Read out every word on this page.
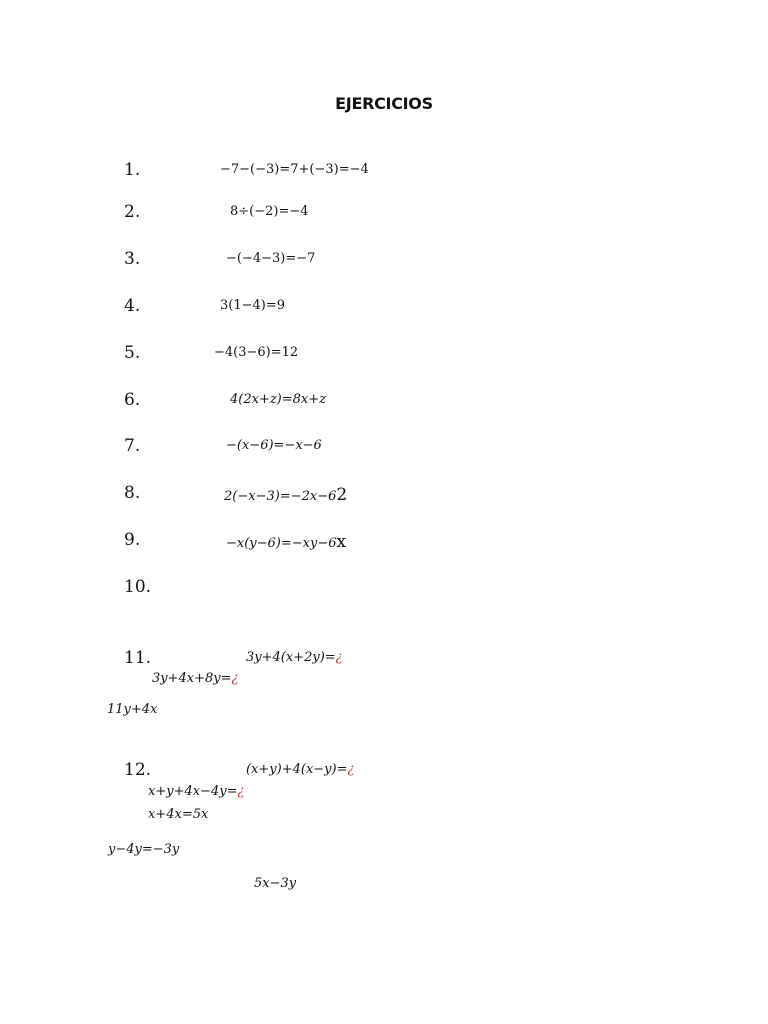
EJERCICIOS
1.	−7−(−3)=7+(−3)=−4
2.	8÷(−2)=−4
3.	−(−4−3)=−7
4.	3(1−4)=9
5.	−4(3−6)=12
6.	4(2x+z)=8x+z
7.	−(x−6)=−x−6
8.	2(−x−3)=−2x−62
9.	−x(y−6)=−xy−6x
10.
11.	3y+4(x+2y)=¿
3y+4x+8y=¿
11y+4x
12.	(x+y)+4(x−y)=¿
x+y+4x−4y=¿
x+4x=5x
y−4y=−3y
5x−3y
